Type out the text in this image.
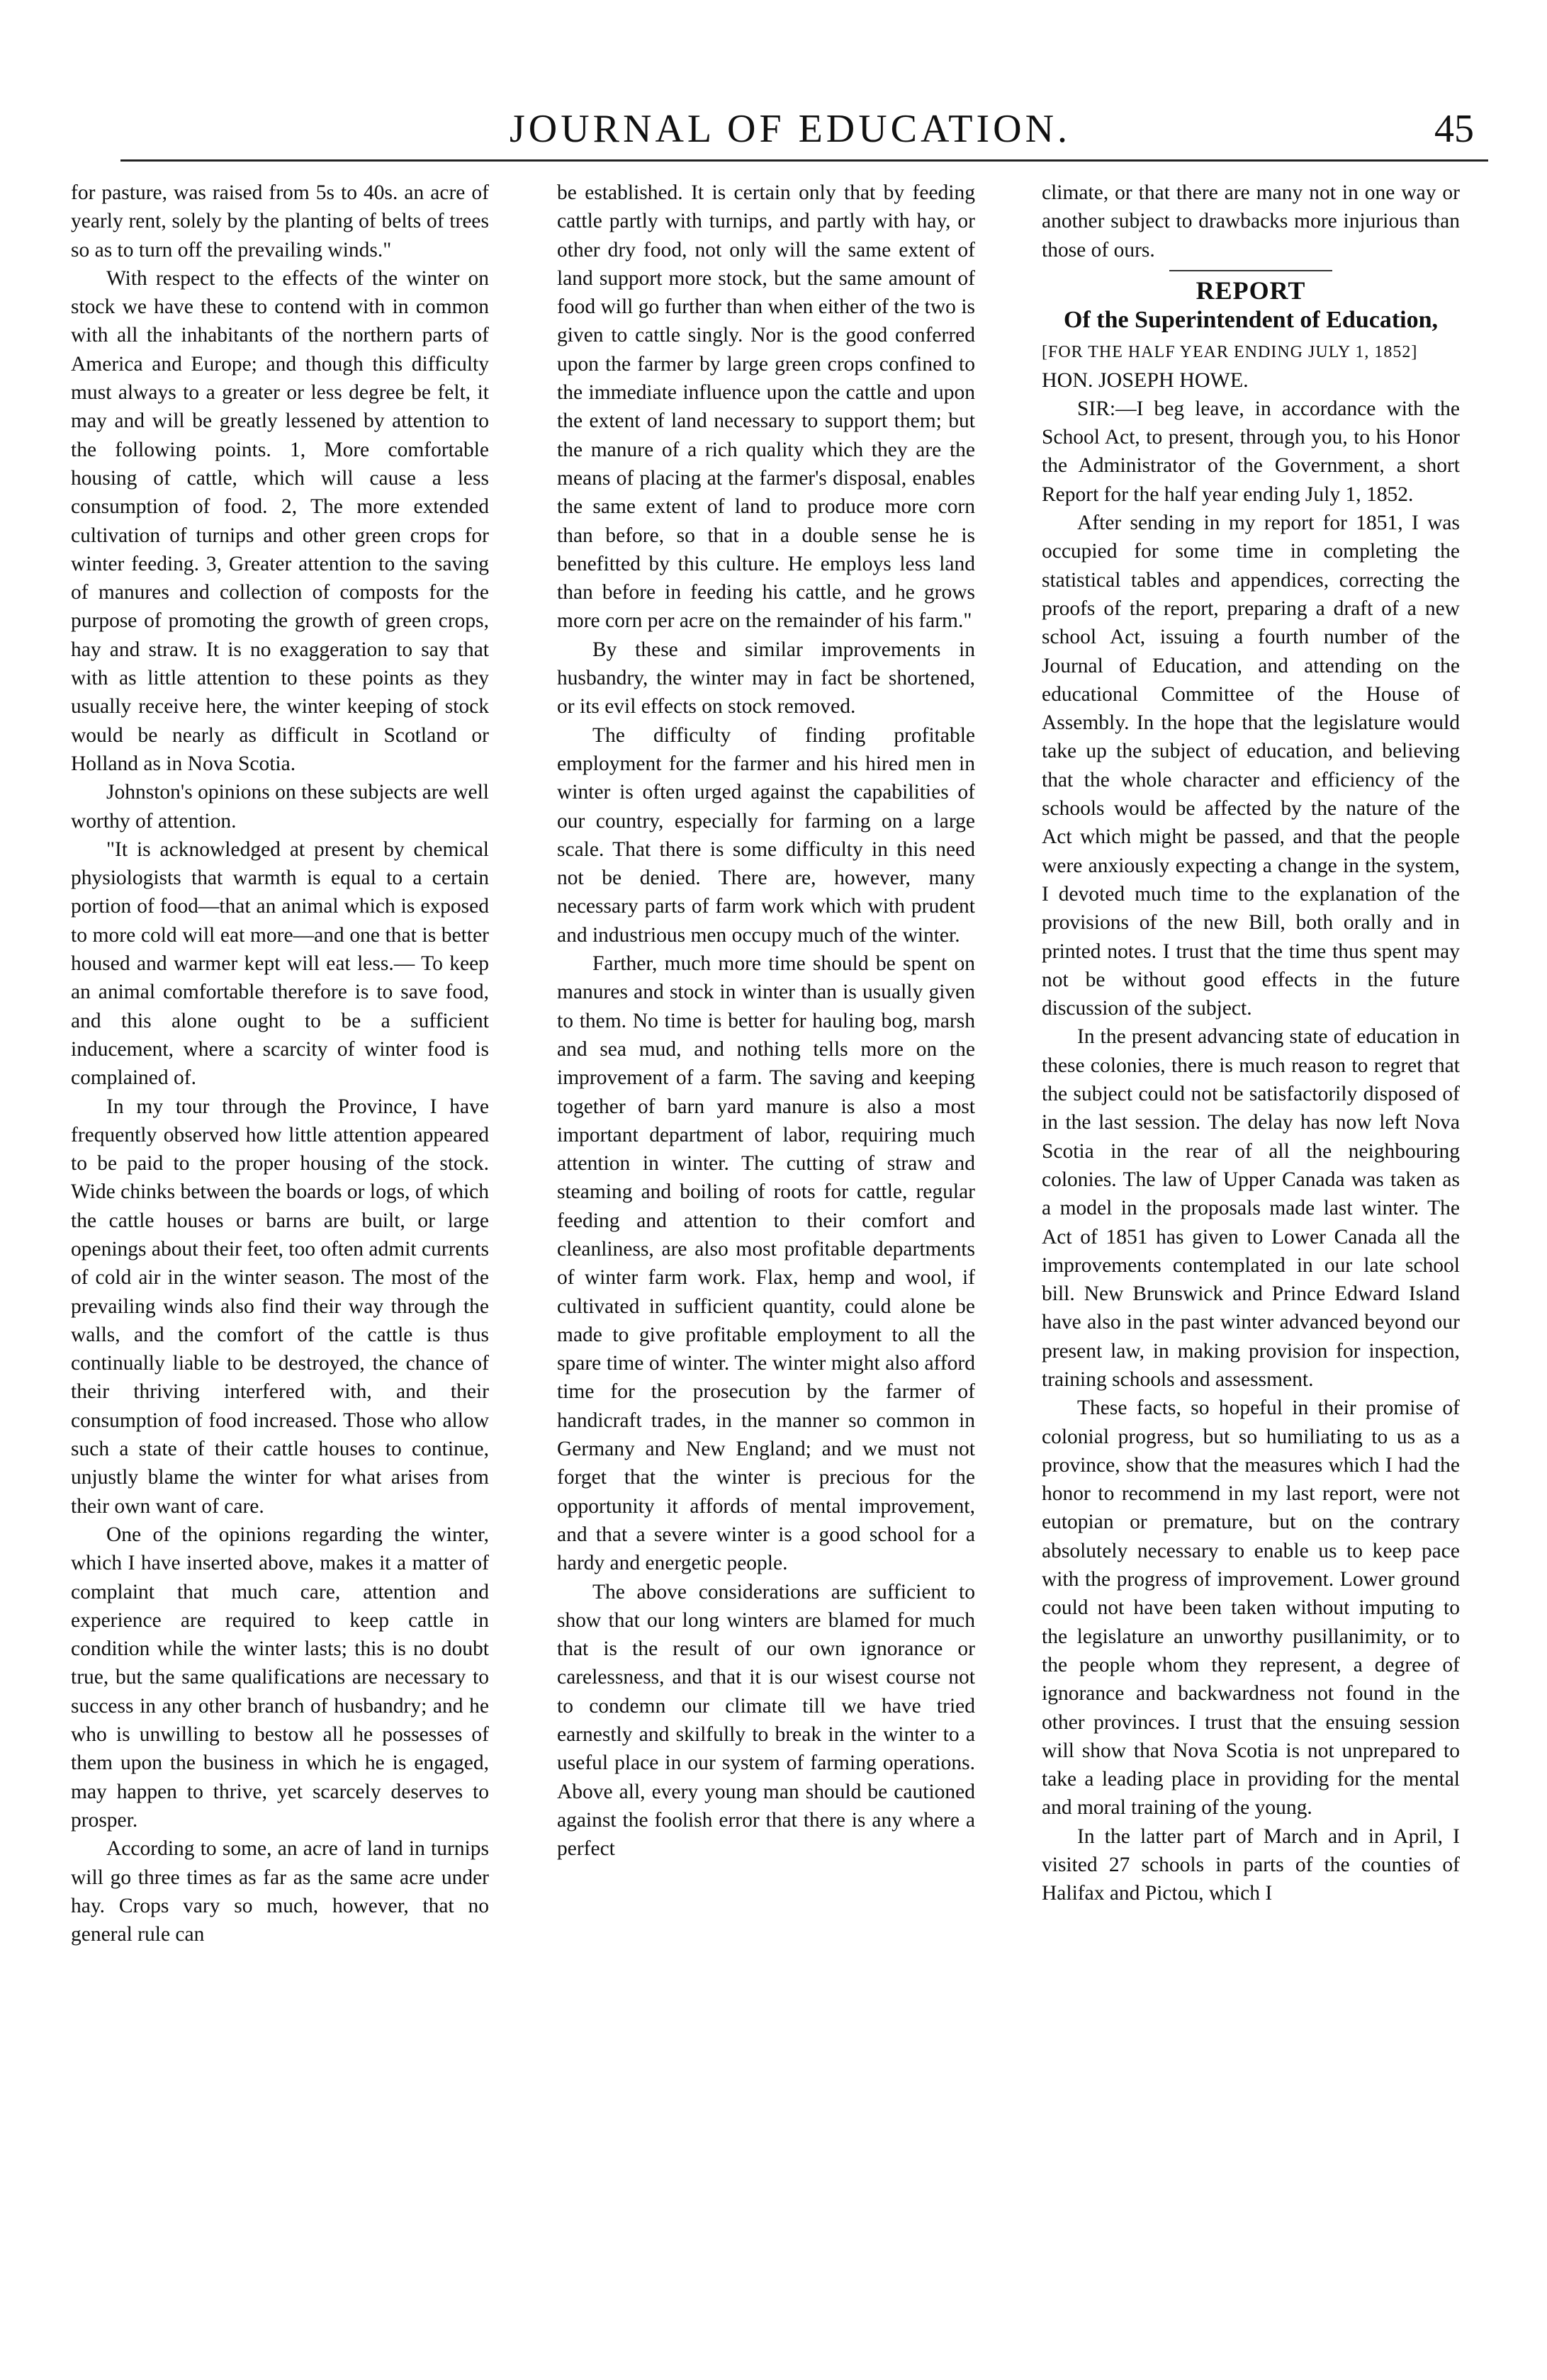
JOURNAL OF EDUCATION.	45

for pasture, was raised from 5s to 40s. an acre of yearly rent, solely by the planting of belts of trees so as to turn off the prevailing winds."

With respect to the effects of the winter on stock we have these to contend with in common with all the inhabitants of the northern parts of America and Europe; and though this difficulty must always to a greater or less degree be felt, it may and will be greatly lessened by attention to the following points. 1, More comfortable housing of cattle, which will cause a less consumption of food. 2, The more extended cultivation of turnips and other green crops for winter feeding. 3, Greater attention to the saving of manures and collection of composts for the purpose of promoting the growth of green crops, hay and straw. It is no exaggeration to say that with as little attention to these points as they usually receive here, the winter keeping of stock would be nearly as difficult in Scotland or Holland as in Nova Scotia.

Johnston's opinions on these subjects are well worthy of attention.

"It is acknowledged at present by chemical physiologists that warmth is equal to a certain portion of food—that an animal which is exposed to more cold will eat more—and one that is better housed and warmer kept will eat less.— To keep an animal comfortable therefore is to save food, and this alone ought to be a sufficient inducement, where a scarcity of winter food is complained of.

In my tour through the Province, I have frequently observed how little attention appeared to be paid to the proper housing of the stock. Wide chinks between the boards or logs, of which the cattle houses or barns are built, or large openings about their feet, too often admit currents of cold air in the winter season. The most of the prevailing winds also find their way through the walls, and the comfort of the cattle is thus continually liable to be destroyed, the chance of their thriving interfered with, and their consumption of food increased. Those who allow such a state of their cattle houses to continue, unjustly blame the winter for what arises from their own want of care.

One of the opinions regarding the winter, which I have inserted above, makes it a matter of complaint that much care, attention and experience are required to keep cattle in condition while the winter lasts; this is no doubt true, but the same qualifications are necessary to success in any other branch of husbandry; and he who is unwilling to bestow all he possesses of them upon the business in which he is engaged, may happen to thrive, yet scarcely deserves to prosper.

According to some, an acre of land in turnips will go three times as far as the same acre under hay. Crops vary so much, however, that no general rule can

be established. It is certain only that by feeding cattle partly with turnips, and partly with hay, or other dry food, not only will the same extent of land support more stock, but the same amount of food will go further than when either of the two is given to cattle singly. Nor is the good conferred upon the farmer by large green crops confined to the immediate influence upon the cattle and upon the extent of land necessary to support them; but the manure of a rich quality which they are the means of placing at the farmer's disposal, enables the same extent of land to produce more corn than before, so that in a double sense he is benefitted by this culture. He employs less land than before in feeding his cattle, and he grows more corn per acre on the remainder of his farm."

By these and similar improvements in husbandry, the winter may in fact be shortened, or its evil effects on stock removed.

The difficulty of finding profitable employment for the farmer and his hired men in winter is often urged against the capabilities of our country, especially for farming on a large scale. That there is some difficulty in this need not be denied. There are, however, many necessary parts of farm work which with prudent and industrious men occupy much of the winter.

Farther, much more time should be spent on manures and stock in winter than is usually given to them. No time is better for hauling bog, marsh and sea mud, and nothing tells more on the improvement of a farm. The saving and keeping together of barn yard manure is also a most important department of labor, requiring much attention in winter. The cutting of straw and steaming and boiling of roots for cattle, regular feeding and attention to their comfort and cleanliness, are also most profitable departments of winter farm work. Flax, hemp and wool, if cultivated in sufficient quantity, could alone be made to give profitable employment to all the spare time of winter. The winter might also afford time for the prosecution by the farmer of handicraft trades, in the manner so common in Germany and New England; and we must not forget that the winter is precious for the opportunity it affords of mental improvement, and that a severe winter is a good school for a hardy and energetic people.

The above considerations are sufficient to show that our long winters are blamed for much that is the result of our own ignorance or carelessness, and that it is our wisest course not to condemn our climate till we have tried earnestly and skilfully to break in the winter to a useful place in our system of farming operations. Above all, every young man should be cautioned against the foolish error that there is any where a perfect

climate, or that there are many not in one way or another subject to drawbacks more injurious than those of ours.

REPORT
Of the Superintendent of Education,
[FOR THE HALF YEAR ENDING JULY 1, 1852]
HON. JOSEPH HOWE.

SIR:—I beg leave, in accordance with the School Act, to present, through you, to his Honor the Administrator of the Government, a short Report for the half year ending July 1, 1852.

After sending in my report for 1851, I was occupied for some time in completing the statistical tables and appendices, correcting the proofs of the report, preparing a draft of a new school Act, issuing a fourth number of the Journal of Education, and attending on the educational Committee of the House of Assembly. In the hope that the legislature would take up the subject of education, and believing that the whole character and efficiency of the schools would be affected by the nature of the Act which might be passed, and that the people were anxiously expecting a change in the system, I devoted much time to the explanation of the provisions of the new Bill, both orally and in printed notes. I trust that the time thus spent may not be without good effects in the future discussion of the subject.

In the present advancing state of education in these colonies, there is much reason to regret that the subject could not be satisfactorily disposed of in the last session. The delay has now left Nova Scotia in the rear of all the neighbouring colonies. The law of Upper Canada was taken as a model in the proposals made last winter. The Act of 1851 has given to Lower Canada all the improvements contemplated in our late school bill. New Brunswick and Prince Edward Island have also in the past winter advanced beyond our present law, in making provision for inspection, training schools and assessment.

These facts, so hopeful in their promise of colonial progress, but so humiliating to us as a province, show that the measures which I had the honor to recommend in my last report, were not eutopian or premature, but on the contrary absolutely necessary to enable us to keep pace with the progress of improvement. Lower ground could not have been taken without imputing to the legislature an unworthy pusillanimity, or to the people whom they represent, a degree of ignorance and backwardness not found in the other provinces. I trust that the ensuing session will show that Nova Scotia is not unprepared to take a leading place in providing for the mental and moral training of the young.

In the latter part of March and in April, I visited 27 schools in parts of the counties of Halifax and Pictou, which I
